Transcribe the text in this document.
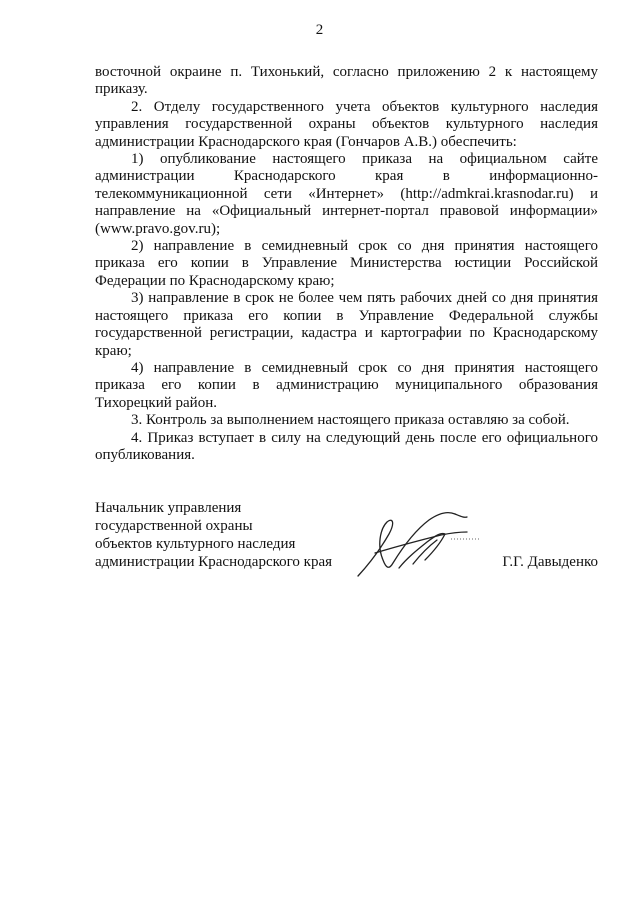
2

восточной окраине п. Тихонький, согласно приложению 2 к настоящему приказу.

2. Отделу государственного учета объектов культурного наследия управления государственной охраны объектов культурного наследия администрации Краснодарского края (Гончаров А.В.) обеспечить:

1) опубликование настоящего приказа на официальном сайте администрации Краснодарского края в информационно-телекоммуникационной сети «Интернет» (http://admkrai.krasnodar.ru) и направление на «Официальный интернет-портал правовой информации» (www.pravo.gov.ru);

2) направление в семидневный срок со дня принятия настоящего приказа его копии в Управление Министерства юстиции Российской Федерации по Краснодарскому краю;

3) направление в срок не более чем пять рабочих дней со дня принятия настоящего приказа его копии в Управление Федеральной службы государственной регистрации, кадастра и картографии по Краснодарскому краю;

4) направление в семидневный срок со дня принятия настоящего приказа его копии в администрацию муниципального образования Тихорецкий район.

3. Контроль за выполнением настоящего приказа оставляю за собой.

4. Приказ вступает в силу на следующий день после его официального опубликования.

Начальник управления
государственной охраны
объектов культурного наследия
администрации Краснодарского края	Г.Г. Давыденко
